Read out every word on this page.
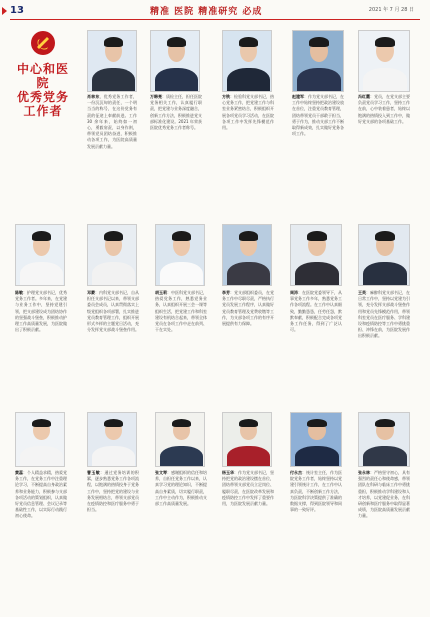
13	精准 医院 精准研究 必成	2021 年 7 月 28 日
中心和医院
优秀党务工作者
肖林东，优秀党务工作者，一份沉沉甸的责任，一个明当当的称号，在这份党务有责的征途上奉献前进。工作 30 余年来，始终如一初心，勇毅肩责，以身作则，带领党员团结奋进，积极推动各项工作，为医院高质量发展贡献力量。
万韩亮：质检主任，担任医院党务相关工作，认真履行职责，把党建与业务深度融合，创新工作方法，积极推进党支部标准化建设。2021 年荣获医院优秀党务工作者称号。
方铁：检验科党支部书记，热心党务工作，把党建工作与科室业务紧密结合，积极组织开展各项党员学习活动，在医院各项工作中发挥先锋模范作用。
赵建军：作为党支部书记，在工作中始终坚持把政治建设放在首位，注重党员教育管理，团结带领党员干部敢于担当，勇于作为，推动支部工作不断取得新成效，扎实做好党务各项工作。
冯红霞：党员，在党支部主要负责党员学习工作，坚持工作在前，心中装着患者，始终以饱满的热情投入到工作中，做好党支部的各项基础工作。
陈敏：护理党支部书记，优秀党务工作者。多年来，在党建与业务工作中，坚持党建引领，把支部建设成为团结协作的坚强战斗堡垒，积极推动护理工作高质量发展，为医院做出了积极贡献。
邓蒙：内科党支部书记，自从担任支部书记以来，带领支部委员会成员，认真贯彻落实上级党组织各项部署，扎实推进党员教育管理工作，组织开展形式多样的主题党日活动，充分发挥党支部战斗堡垒作用。
胡玉莉：中医科党支部书记，热爱党务工作，熟悉党务业务，认真组织开展三会一课等组织生活，把党建工作和科室建设有机结合起来，带领全体党员在各项工作中走在前列、干在实处。
李芳：党支部组织委员，在党务工作中尽职尽责，严格执行党员发展工作程序，认真做好党员教育管理及党费收缴等工作，为支部各项工作的有序开展提供有力保障。
周沛：在医院党委领导下，从事党务工作多年，熟悉党务工作各项流程。在工作中认真细致，勤勤恳恳，任劳任怨，默默奉献，积极配合完成各项党务工作任务，得到了广泛认可。
王英：麻醉科党支部书记，在日常工作中，坚持以党建为引领，充分发挥支部战斗堡垒作用和党员先锋模范作用，带领科室党员在医疗服务、学科建设和疫情防控等工作中勇挑重担、冲锋在前，为医院发展作出积极贡献。
黄蕊：个人精益求精，热爱党务工作，在党务工作中注重理论学习，不断提高自身政治素养和业务能力，积极参与支部各项活动的策划组织，认真做好党员信息管理、会议记录等基础性工作，以实际行动践行初心使命。
曹玉敏：通过党务培训的积累，逐步熟悉党务工作各项流程，以饱满的热情投身于党务工作中，坚持把党的建设与业务发展相结合，带领支部党员在疫情防控和医疗服务中勇于担当。
张文琴：感谢组织的信任和培养，自担任党务工作以来，认真学习党的理论知识，不断提高自身素质，切实履行职责，工作中主动作为，积极推动支部工作高质量发展。
杨玉华：作为党支部书记，坚持把党的政治建设摆在首位，团结带领支部党员立足岗位、履职尽责，在医院改革发展和疫情防控工作中发挥了重要作用，为医院发展贡献力量。
付永杰：统计室主任，作为医院党务工作者，始终坚持以党建引领统计工作，在工作中认真负责，不断创新工作方法，为医院科学决策提供了准确的数据支撑，得到医院领导和同事的一致好评。
张永林：严格坚守初心，具有强烈的责任心和使命感，带领团队在科研与临床工作中勇挑重担，积极推动学科建设和人才培养，以党建促业务，在科研创新和医疗服务中取得显著成绩，为医院高质量发展贡献力量。
